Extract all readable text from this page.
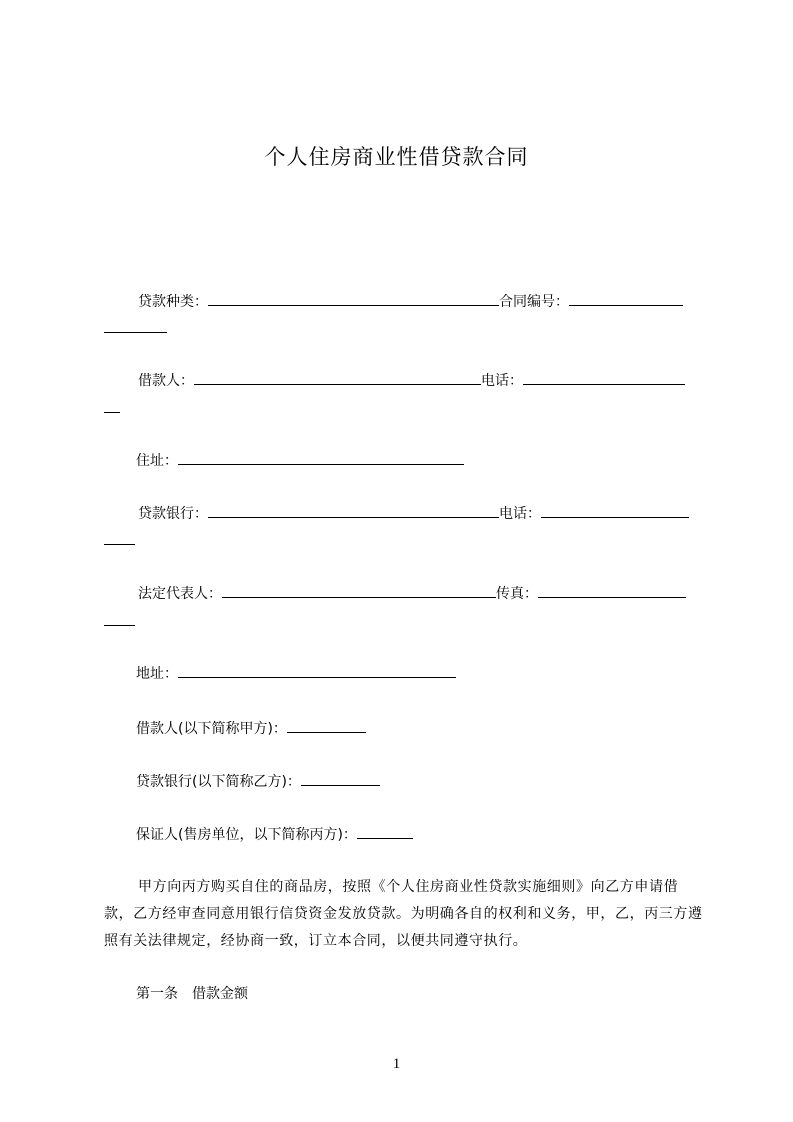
个人住房商业性借贷款合同
贷款种类：	合同编号：
借款人：	电话：
住址：
贷款银行：	电话：
法定代表人：	传真：
地址：
借款人(以下简称甲方)：
贷款银行(以下简称乙方)：
保证人(售房单位，以下简称丙方)：
甲方向丙方购买自住的商品房，按照《个人住房商业性贷款实施细则》向乙方申请借款，乙方经审查同意用银行信贷资金发放贷款。为明确各自的权利和义务，甲，乙，丙三方遵照有关法律规定，经协商一致，订立本合同，以便共同遵守执行。
第一条　借款金额
1
